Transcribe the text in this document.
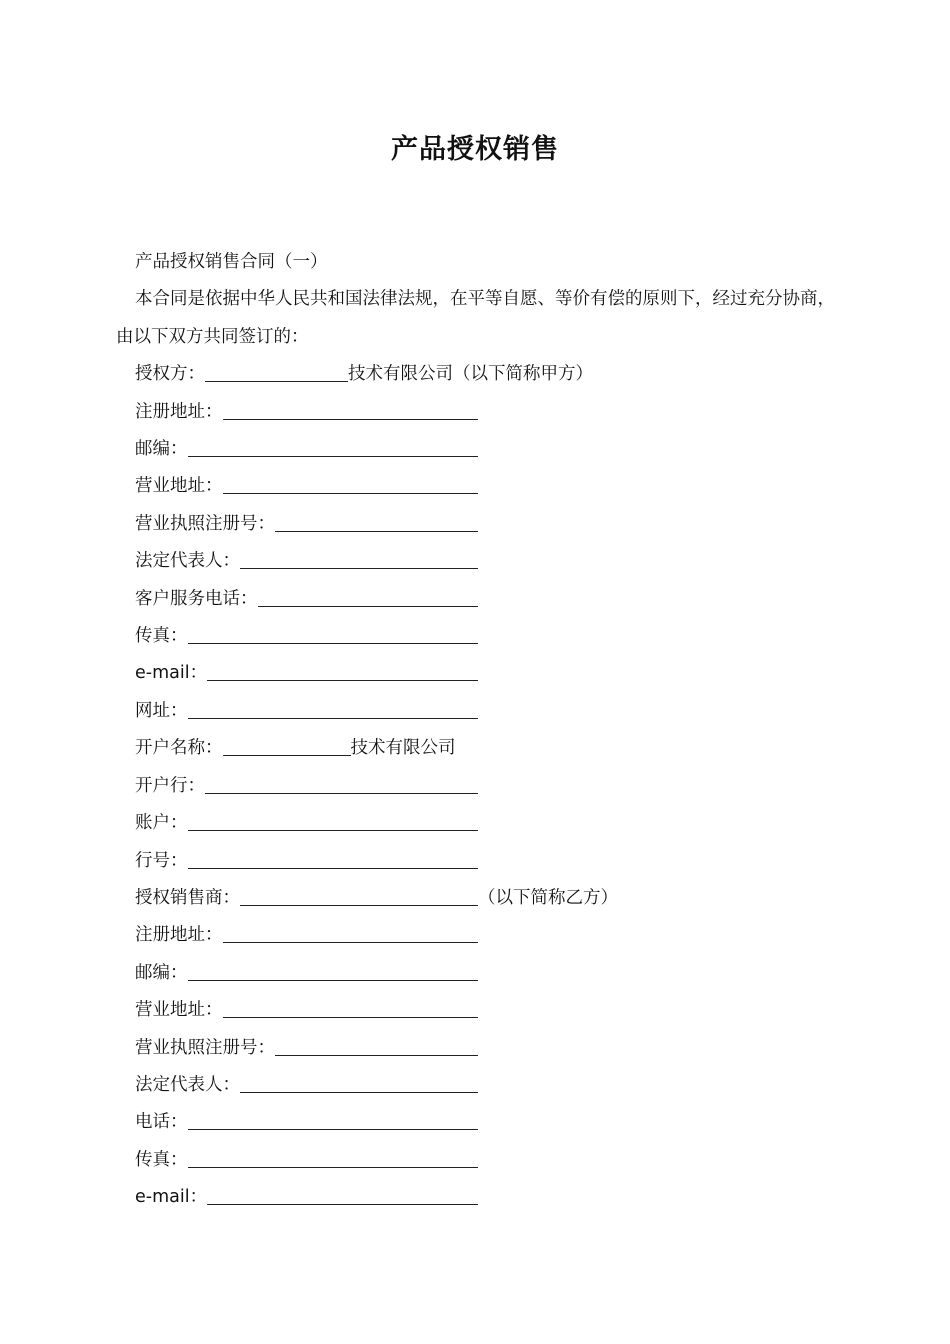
产品授权销售

产品授权销售合同（一）

本合同是依据中华人民共和国法律法规，在平等自愿、等价有偿的原则下，经过充分协商，由以下双方共同签订的：

授权方：	技术有限公司（以下简称甲方）

注册地址：

邮编：

营业地址：

营业执照注册号：

法定代表人：

客户服务电话：

传真：

e-mail：

网址：

开户名称：	技术有限公司

开户行：

账户：

行号：

授权销售商：	（以下简称乙方）

注册地址：

邮编：

营业地址：

营业执照注册号：

法定代表人：

电话：

传真：

e-mail：
